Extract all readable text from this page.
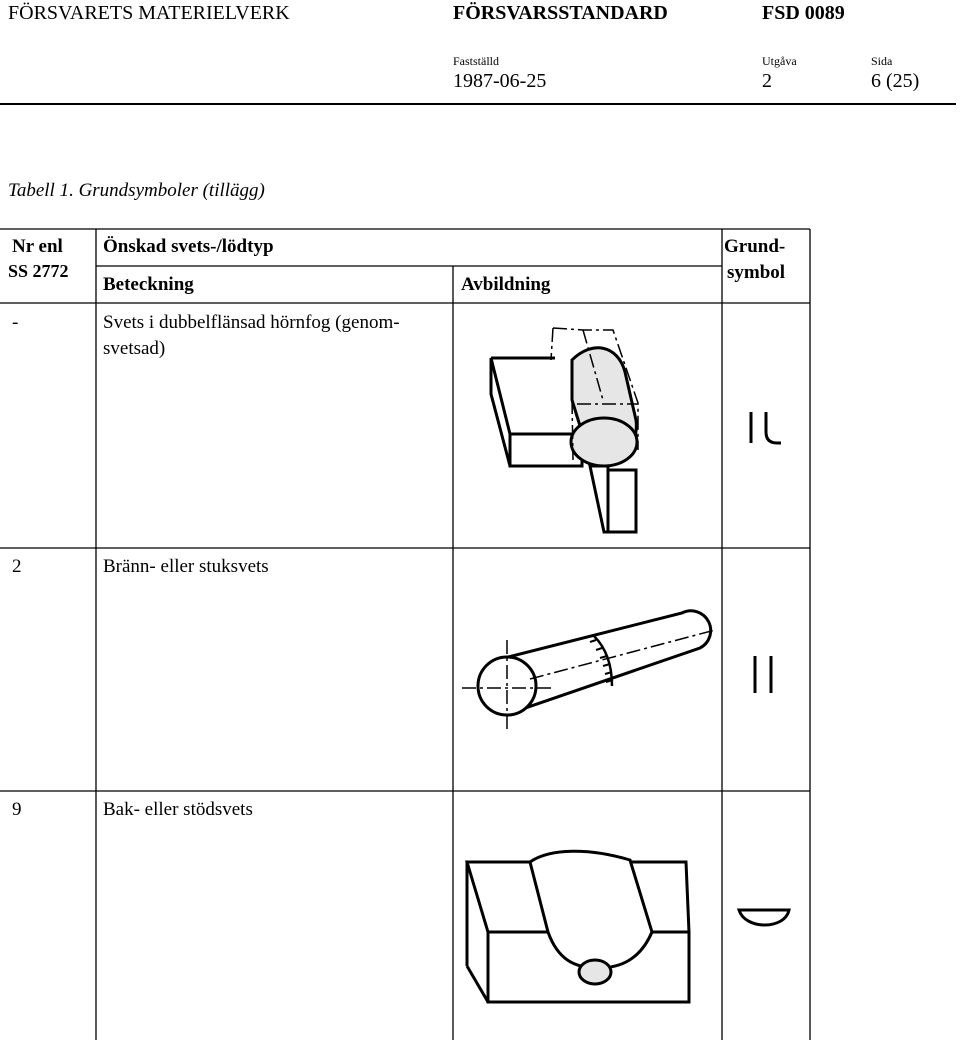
FÖRSVARETS MATERIELVERK	FÖRSVARSSTANDARD	FSD 0089
Fastställd
1987-06-25
Utgåva
2
Sida
6 (25)
Tabell 1. Grundsymboler (tillägg)
Nr enl
SS 2772
Önskad svets-/lödtyp
Beteckning	Avbildning
Grund-
symbol
-	Svets i dubbelflänsad hörnfog (genom-
svetsad)
2	Bränn- eller stuksvets
9	Bak- eller stödsvets
